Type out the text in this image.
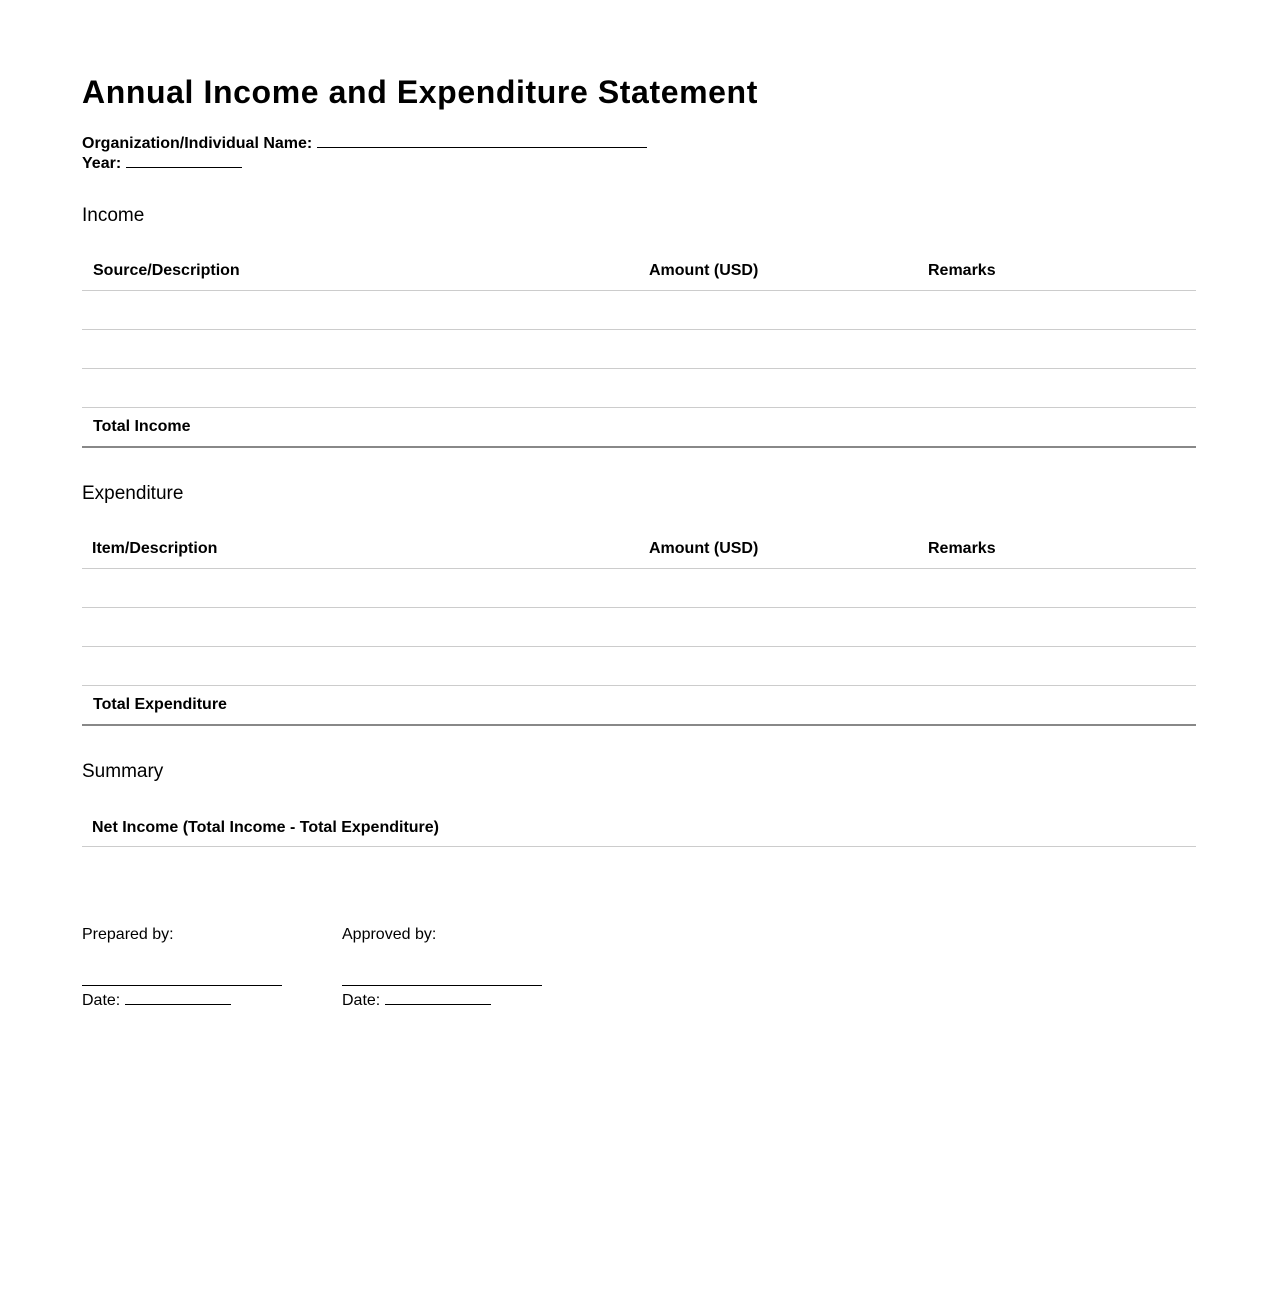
Annual Income and Expenditure Statement
Organization/Individual Name:
Year:
Income
Source/Description	Amount (USD)	Remarks

Total Income		
Expenditure
Item/Description	Amount (USD)	Remarks

Total Expenditure		
Summary
Net Income (Total Income - Total Expenditure)
Prepared by:
Date:
Approved by:
Date:
